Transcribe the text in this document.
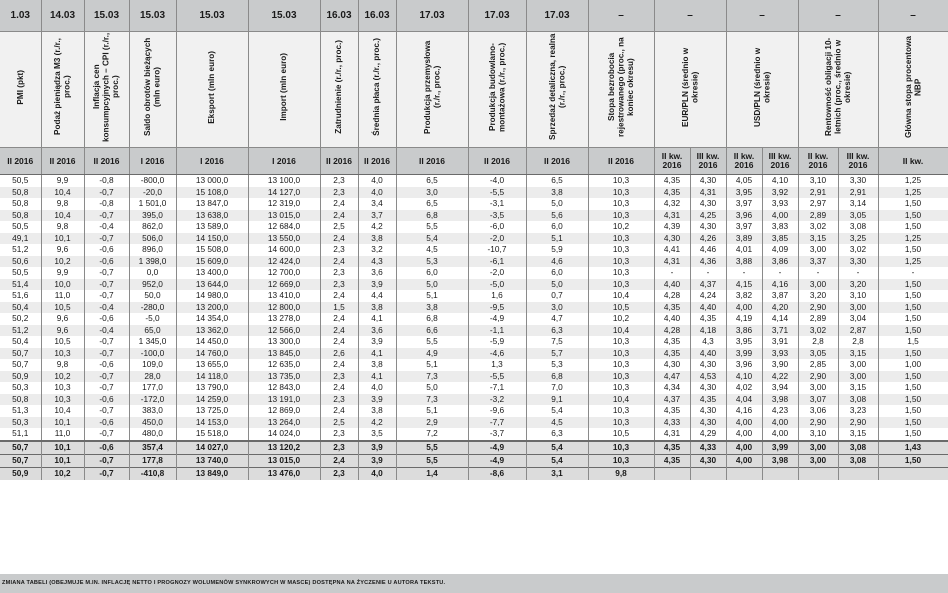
1.03	14.03	15.03	15.03	15.03	15.03	16.03	16.03	17.03	17.03	17.03	–	–		–		–		–
PMI (pkt)	Podaż pieniądza M3 (r./r., proc.)	Inflacja cen konsumpcyjnych – CPI (r./r., proc.)	Saldo obrotów bieżących (mln euro)	Eksport (mln euro)	Import (mln euro)	Zatrudnienie (r./r., proc.)	Średnia płaca (r./r., proc.)	Produkcja przemysłowa (r./r., proc.)	Produkcja budowlano-montażowa (r./r., proc.)	Sprzedaż detaliczna, realna (r./r., proc.)	Stopa bezrobocia rejestrowanego (proc., na koniec okresu)	EUR/PLN (średnio w okresie)		USD/PLN (średnio w okresie)		Rentowność obligacji 10-letnich (proc., średnio w okresie)		Główna stopa procentowa NBP
II 2016	II 2016	II 2016	I 2016	I 2016	I 2016	II 2016	II 2016	II 2016	II 2016	II 2016	II 2016	II kw. 2016	III kw. 2016	II kw. 2016	III kw. 2016	II kw. 2016	III kw. 2016	II kw.
50,5	9,9	-0,8	-800,0	13 000,0	13 100,0	2,3	4,0	6,5	-4,0	6,5	10,3	4,35	4,30	4,05	4,10	3,10	3,30	1,25
50,8	10,4	-0,7	-20,0	15 108,0	14 127,0	2,3	4,0	3,0	-5,5	3,8	10,3	4,35	4,31	3,95	3,92	2,91	2,91	1,25
50,8	9,8	-0,8	1 501,0	13 847,0	12 319,0	2,4	3,4	6,5	-3,1	5,0	10,3	4,32	4,30	3,97	3,93	2,97	3,14	1,50
50,8	10,4	-0,7	395,0	13 638,0	13 015,0	2,4	3,7	6,8	-3,5	5,6	10,3	4,31	4,25	3,96	4,00	2,89	3,05	1,50
50,5	9,8	-0,4	862,0	13 589,0	12 684,0	2,5	4,2	5,5	-6,0	6,0	10,2	4,39	4,30	3,97	3,83	3,02	3,08	1,50
49,1	10,1	-0,7	506,0	14 150,0	13 550,0	2,4	3,8	5,4	-2,0	5,1	10,3	4,30	4,26	3,89	3,85	3,15	3,25	1,25
51,2	9,6	-0,6	896,0	15 508,0	14 600,0	2,3	3,2	4,5	-10,7	5,9	10,3	4,41	4,46	4,01	4,09	3,00	3,02	1,50
50,6	10,2	-0,6	1 398,0	15 609,0	12 424,0	2,4	4,3	5,3	-6,1	4,6	10,3	4,31	4,36	3,88	3,86	3,37	3,30	1,25
50,5	9,9	-0,7	0,0	13 400,0	12 700,0	2,3	3,6	6,0	-2,0	6,0	10,3	-	-	-	-	-	-	-
51,4	10,0	-0,7	952,0	13 644,0	12 669,0	2,3	3,9	5,0	-5,0	5,0	10,3	4,40	4,37	4,15	4,16	3,00	3,20	1,50
51,6	11,0	-0,7	50,0	14 980,0	13 410,0	2,4	4,4	5,1	1,6	0,7	10,4	4,28	4,24	3,82	3,87	3,20	3,10	1,50
50,4	10,5	-0,4	-280,0	13 200,0	12 800,0	1,5	3,8	3,8	-9,5	3,0	10,5	4,35	4,40	4,00	4,20	2,90	3,00	1,50
50,2	9,6	-0,6	-5,0	14 354,0	13 278,0	2,4	4,1	6,8	-4,9	4,7	10,2	4,40	4,35	4,19	4,14	2,89	3,04	1,50
51,2	9,6	-0,4	65,0	13 362,0	12 566,0	2,4	3,6	6,6	-1,1	6,3	10,4	4,28	4,18	3,86	3,71	3,02	2,87	1,50
50,4	10,5	-0,7	1 345,0	14 450,0	13 300,0	2,4	3,9	5,5	-5,9	7,5	10,3	4,35	4,3	3,95	3,91	2,8	2,8	1,5
50,7	10,3	-0,7	-100,0	14 760,0	13 845,0	2,6	4,1	4,9	-4,6	5,7	10,3	4,35	4,40	3,99	3,93	3,05	3,15	1,50
50,7	9,8	-0,6	109,0	13 655,0	12 635,0	2,4	3,8	5,1	1,3	5,3	10,3	4,30	4,30	3,96	3,90	2,85	3,00	1,00
50,9	10,2	-0,7	28,0	14 118,0	13 735,0	2,3	4,1	7,3	-5,5	6,8	10,3	4,47	4,53	4,10	4,22	2,90	3,00	1,50
50,3	10,3	-0,7	177,0	13 790,0	12 843,0	2,4	4,0	5,0	-7,1	7,0	10,3	4,34	4,30	4,02	3,94	3,00	3,15	1,50
50,8	10,3	-0,6	-172,0	14 259,0	13 191,0	2,3	3,9	7,3	-3,2	9,1	10,4	4,37	4,35	4,04	3,98	3,07	3,08	1,50
51,3	10,4	-0,7	383,0	13 725,0	12 869,0	2,4	3,8	5,1	-9,6	5,4	10,3	4,35	4,30	4,16	4,23	3,06	3,23	1,50
50,3	10,1	-0,6	450,0	14 153,0	13 264,0	2,5	4,2	2,9	-7,7	4,5	10,3	4,33	4,30	4,00	4,00	2,90	2,90	1,50
51,1	11,0	-0,7	480,0	15 518,0	14 024,0	2,3	3,5	7,2	-3,7	6,3	10,5	4,31	4,29	4,00	4,00	3,10	3,15	1,50
50,7	10,1	-0,6	357,4	14 027,0	13 120,2	2,3	3,9	5,5	-4,9	5,4	10,3	4,35	4,33	4,00	3,99	3,00	3,08	1,43
50,7	10,1	-0,7	177,8	13 740,0	13 015,0	2,4	3,9	5,5	-4,9	5,4	10,3	4,35	4,30	4,00	3,98	3,00	3,08	1,50
50,9	10,2	-0,7	-410,8	13 849,0	13 476,0	2,3	4,0	1,4	-8,6	3,1	9,8							
ZMIANA TABELI (OBEJMUJE M.IN. INFLACJĘ NETTO I PROGNOZY WOLUMENÓW SYNKROWYCH W MASCE) DOSTĘPNA NA ŻYCZENIE U AUTORA TEKSTU.
